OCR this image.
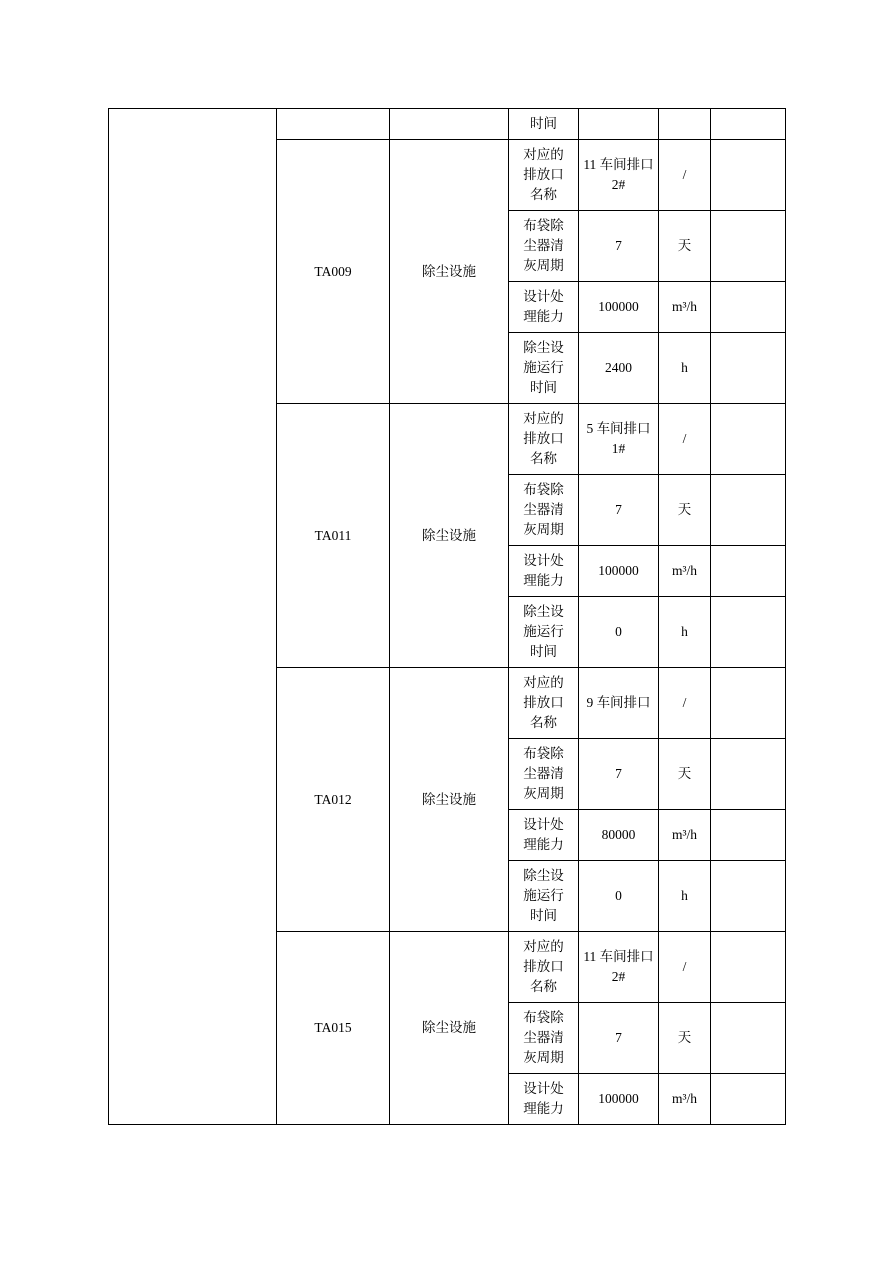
			时间			
	TA009	除尘设施	对应的排放口名称	11 车间排口 2#	/	
			布袋除尘器清灰周期	7	天	
			设计处理能力	100000	m³/h	
			除尘设施运行时间	2400	h	
	TA011	除尘设施	对应的排放口名称	5 车间排口 1#	/	
			布袋除尘器清灰周期	7	天	
			设计处理能力	100000	m³/h	
			除尘设施运行时间	0	h	
	TA012	除尘设施	对应的排放口名称	9 车间排口	/	
			布袋除尘器清灰周期	7	天	
			设计处理能力	80000	m³/h	
			除尘设施运行时间	0	h	
	TA015	除尘设施	对应的排放口名称	11 车间排口 2#	/	
			布袋除尘器清灰周期	7	天	
			设计处理能力	100000	m³/h	
